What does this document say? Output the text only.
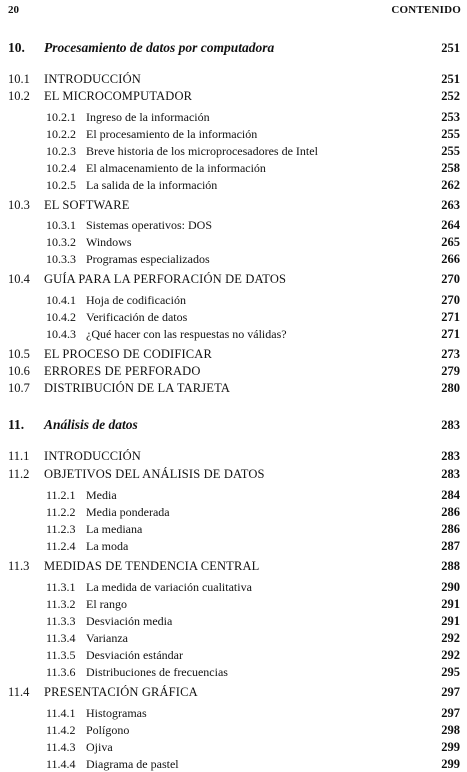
20	CONTENIDO
10. Procesamiento de datos por computadora	251
10.1 INTRODUCCIÓN	251
10.2 EL MICROCOMPUTADOR	252
10.2.1 Ingreso de la información	253
10.2.2 El procesamiento de la información	255
10.2.3 Breve historia de los microprocesadores de Intel	255
10.2.4 El almacenamiento de la información	258
10.2.5 La salida de la información	262
10.3 EL SOFTWARE	263
10.3.1 Sistemas operativos: DOS	264
10.3.2 Windows	265
10.3.3 Programas especializados	266
10.4 GUÍA PARA LA PERFORACIÓN DE DATOS	270
10.4.1 Hoja de codificación	270
10.4.2 Verificación de datos	271
10.4.3 ¿Qué hacer con las respuestas no válidas?	271
10.5 EL PROCESO DE CODIFICAR	273
10.6 ERRORES DE PERFORADO	279
10.7 DISTRIBUCIÓN DE LA TARJETA	280
11. Análisis de datos	283
11.1 INTRODUCCIÓN	283
11.2 OBJETIVOS DEL ANÁLISIS DE DATOS	283
11.2.1 Media	284
11.2.2 Media ponderada	286
11.2.3 La mediana	286
11.2.4 La moda	287
11.3 MEDIDAS DE TENDENCIA CENTRAL	288
11.3.1 La medida de variación cualitativa	290
11.3.2 El rango	291
11.3.3 Desviación media	291
11.3.4 Varianza	292
11.3.5 Desviación estándar	292
11.3.6 Distribuciones de frecuencias	295
11.4 PRESENTACIÓN GRÁFICA	297
11.4.1 Histogramas	297
11.4.2 Polígono	298
11.4.3 Ojiva	299
11.4.4 Diagrama de pastel	299
